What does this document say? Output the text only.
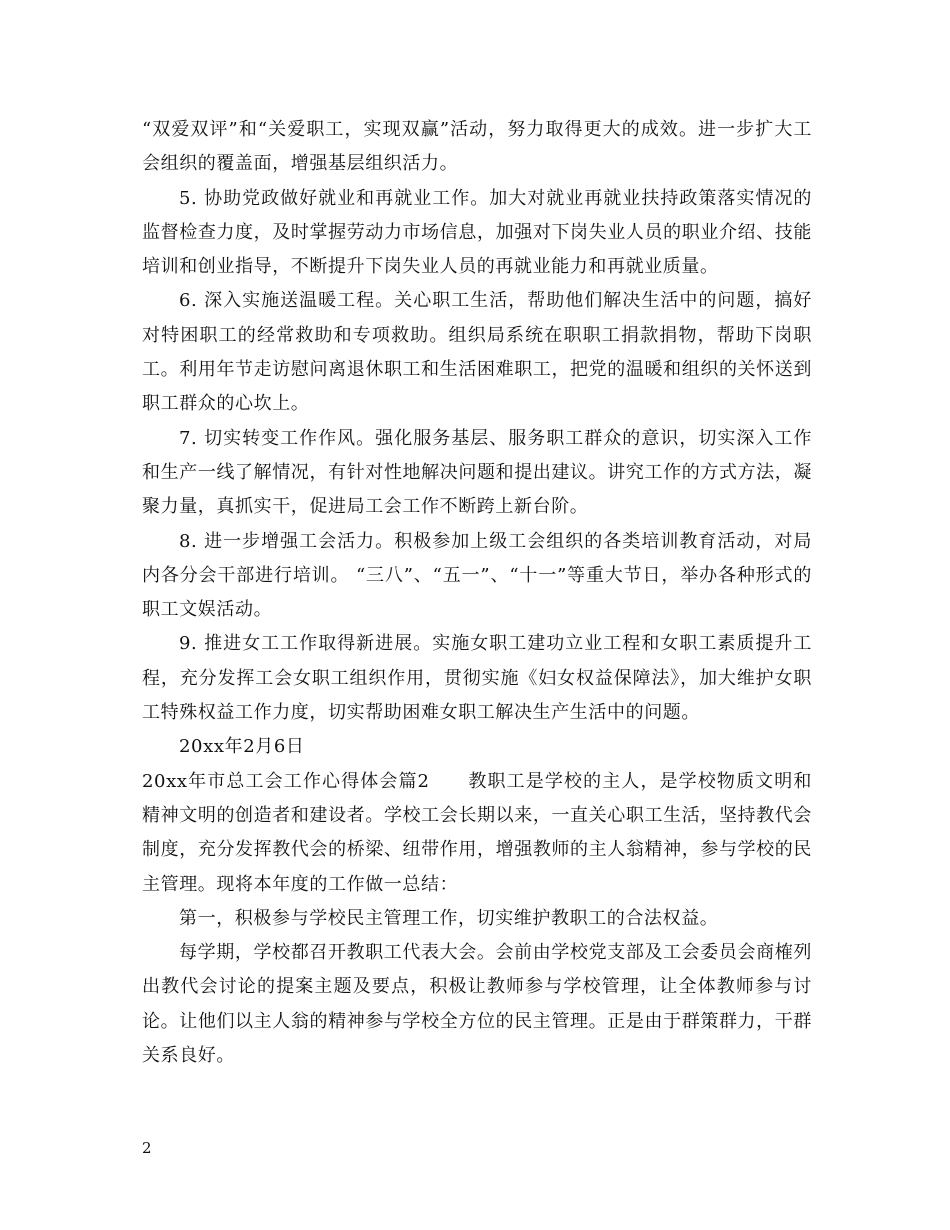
“双爱双评”和“关爱职工，实现双赢”活动，努力取得更大的成效。进一步扩大工会组织的覆盖面，增强基层组织活力。

5. 协助党政做好就业和再就业工作。加大对就业再就业扶持政策落实情况的监督检查力度，及时掌握劳动力市场信息，加强对下岗失业人员的职业介绍、技能培训和创业指导，不断提升下岗失业人员的再就业能力和再就业质量。

6. 深入实施送温暖工程。关心职工生活，帮助他们解决生活中的问题，搞好对特困职工的经常救助和专项救助。组织局系统在职职工捐款捐物，帮助下岗职工。利用年节走访慰问离退休职工和生活困难职工，把党的温暖和组织的关怀送到职工群众的心坎上。

7. 切实转变工作作风。强化服务基层、服务职工群众的意识，切实深入工作和生产一线了解情况，有针对性地解决问题和提出建议。讲究工作的方式方法，凝聚力量，真抓实干，促进局工会工作不断跨上新台阶。

8. 进一步增强工会活力。积极参加上级工会组织的各类培训教育活动，对局内各分会干部进行培训。 “三八”、“五一”、“十一”等重大节日，举办各种形式的职工文娱活动。

9. 推进女工工作取得新进展。实施女职工建功立业工程和女职工素质提升工程，充分发挥工会女职工组织作用，贯彻实施《妇女权益保障法》，加大维护女职工特殊权益工作力度，切实帮助困难女职工解决生产生活中的问题。

20xx年2月6日

20xx年市总工会工作心得体会篇2　　教职工是学校的主人，是学校物质文明和精神文明的创造者和建设者。学校工会长期以来，一直关心职工生活，坚持教代会制度，充分发挥教代会的桥梁、纽带作用，增强教师的主人翁精神，参与学校的民主管理。现将本年度的工作做一总结：

第一，积极参与学校民主管理工作，切实维护教职工的合法权益。

每学期，学校都召开教职工代表大会。会前由学校党支部及工会委员会商榷列出教代会讨论的提案主题及要点，积极让教师参与学校管理，让全体教师参与讨论。让他们以主人翁的精神参与学校全方位的民主管理。正是由于群策群力，干群关系良好。

2
